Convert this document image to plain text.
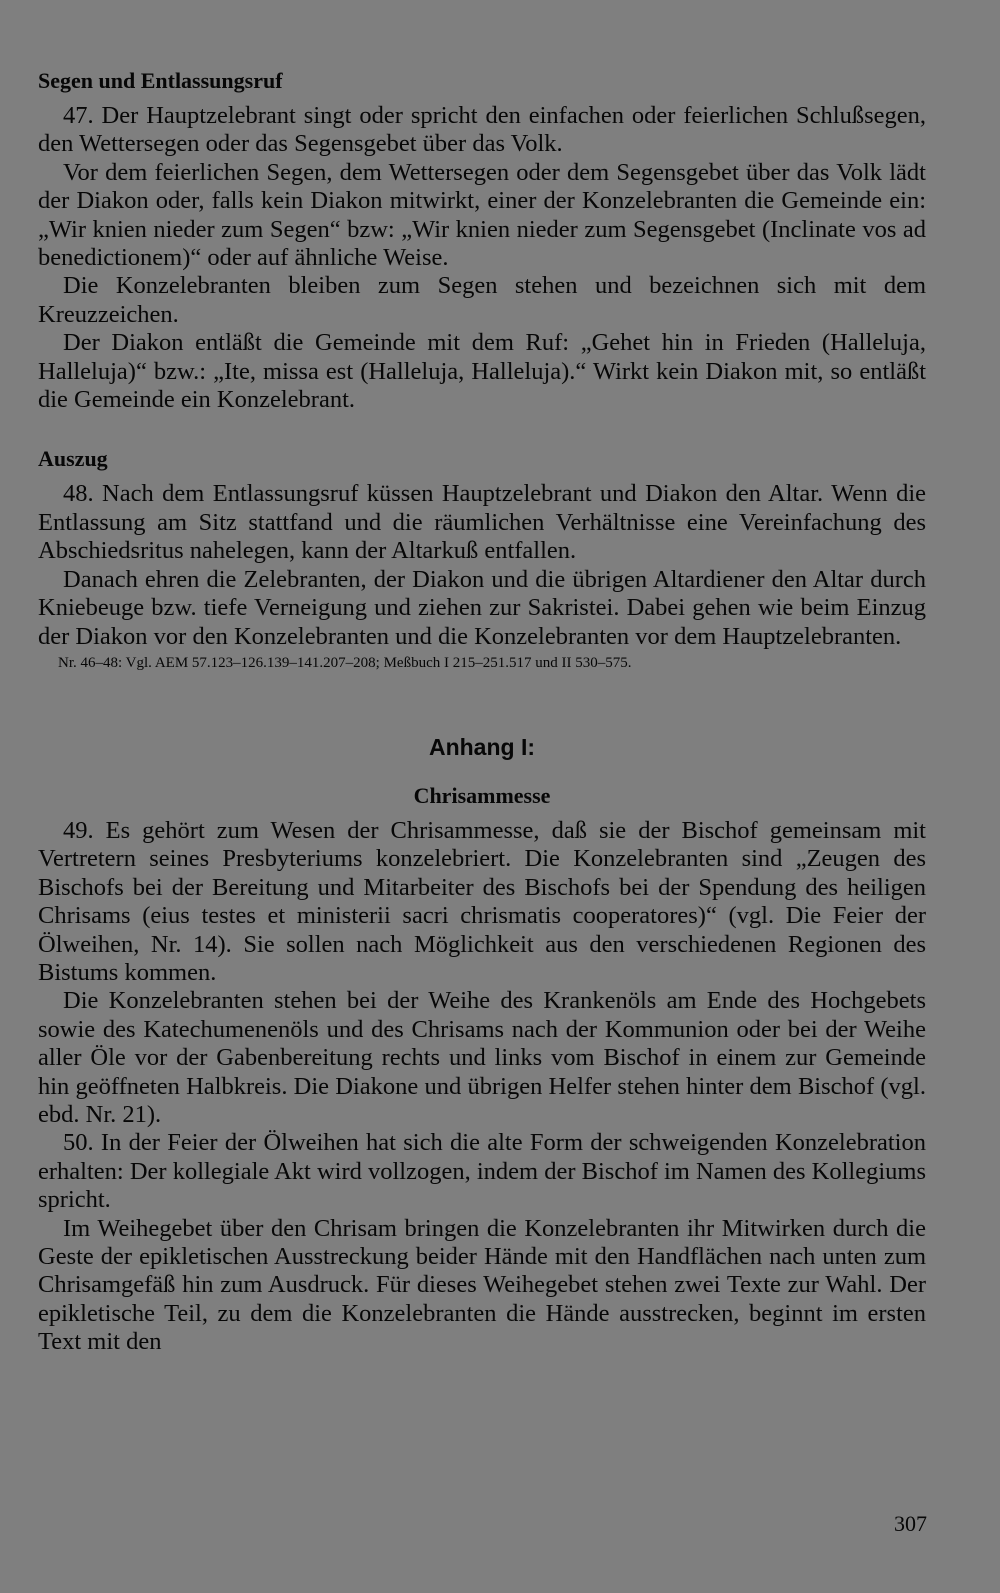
Segen und Entlassungsruf

47. Der Hauptzelebrant singt oder spricht den einfachen oder feierlichen Schlußsegen, den Wettersegen oder das Segensgebet über das Volk.

Vor dem feierlichen Segen, dem Wettersegen oder dem Segensgebet über das Volk lädt der Diakon oder, falls kein Diakon mitwirkt, einer der Konzelebranten die Gemeinde ein: „Wir knien nieder zum Segen“ bzw: „Wir knien nieder zum Segensgebet (Inclinate vos ad benedictionem)“ oder auf ähnliche Weise.

Die Konzelebranten bleiben zum Segen stehen und bezeichnen sich mit dem Kreuzzeichen.

Der Diakon entläßt die Gemeinde mit dem Ruf: „Gehet hin in Frieden (Halleluja, Halleluja)“ bzw.: „Ite, missa est (Halleluja, Halleluja).“ Wirkt kein Diakon mit, so entläßt die Gemeinde ein Konzelebrant.

Auszug

48. Nach dem Entlassungsruf küssen Hauptzelebrant und Diakon den Altar. Wenn die Entlassung am Sitz stattfand und die räumlichen Verhältnisse eine Vereinfachung des Abschiedsritus nahelegen, kann der Altarkuß entfallen.

Danach ehren die Zelebranten, der Diakon und die übrigen Altardiener den Altar durch Kniebeuge bzw. tiefe Verneigung und ziehen zur Sakristei. Dabei gehen wie beim Einzug der Diakon vor den Konzelebranten und die Konzelebranten vor dem Hauptzelebranten.

Nr. 46–48: Vgl. AEM 57.123–126.139–141.207–208; Meßbuch I 215–251.517 und II 530–575.
Anhang I:
Chrisammesse

49. Es gehört zum Wesen der Chrisammesse, daß sie der Bischof gemeinsam mit Vertretern seines Presbyteriums konzelebriert. Die Konzelebranten sind „Zeugen des Bischofs bei der Bereitung und Mitarbeiter des Bischofs bei der Spendung des heiligen Chrisams (eius testes et ministerii sacri chrismatis cooperatores)“ (vgl. Die Feier der Ölweihen, Nr. 14). Sie sollen nach Möglichkeit aus den verschiedenen Regionen des Bistums kommen.

Die Konzelebranten stehen bei der Weihe des Krankenöls am Ende des Hochgebets sowie des Katechumenenöls und des Chrisams nach der Kommunion oder bei der Weihe aller Öle vor der Gabenbereitung rechts und links vom Bischof in einem zur Gemeinde hin geöffneten Halbkreis. Die Diakone und übrigen Helfer stehen hinter dem Bischof (vgl. ebd. Nr. 21).

50. In der Feier der Ölweihen hat sich die alte Form der schweigenden Konzelebration erhalten: Der kollegiale Akt wird vollzogen, indem der Bischof im Namen des Kollegiums spricht.

Im Weihegebet über den Chrisam bringen die Konzelebranten ihr Mitwirken durch die Geste der epikletischen Ausstreckung beider Hände mit den Handflächen nach unten zum Chrisamgefäß hin zum Ausdruck. Für dieses Weihegebet stehen zwei Texte zur Wahl. Der epikletische Teil, zu dem die Konzelebranten die Hände ausstrecken, beginnt im ersten Text mit den

307
